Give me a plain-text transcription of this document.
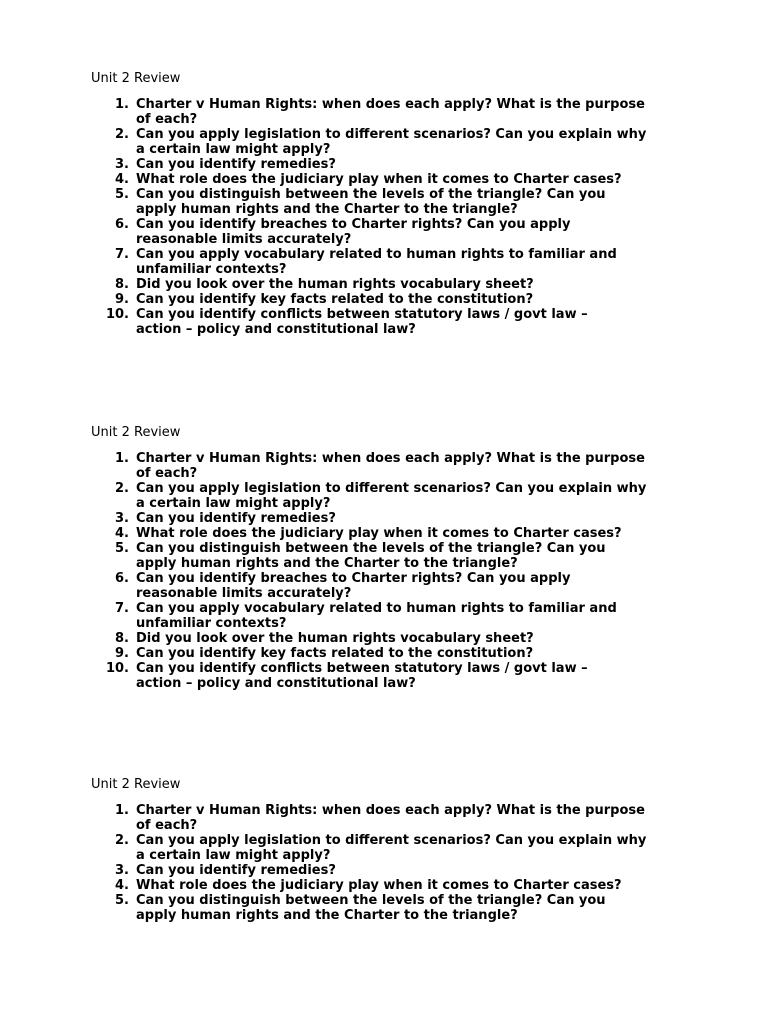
Unit 2 Review
1. Charter v Human Rights: when does each apply? What is the purpose
of each?
2. Can you apply legislation to different scenarios? Can you explain why
a certain law might apply?
3. Can you identify remedies?
4. What role does the judiciary play when it comes to Charter cases?
5. Can you distinguish between the levels of the triangle? Can you
apply human rights and the Charter to the triangle?
6. Can you identify breaches to Charter rights? Can you apply
reasonable limits accurately?
7. Can you apply vocabulary related to human rights to familiar and
unfamiliar contexts?
8. Did you look over the human rights vocabulary sheet?
9. Can you identify key facts related to the constitution?
10. Can you identify conflicts between statutory laws / govt law –
action – policy and constitutional law?
Unit 2 Review
1. Charter v Human Rights: when does each apply? What is the purpose
of each?
2. Can you apply legislation to different scenarios? Can you explain why
a certain law might apply?
3. Can you identify remedies?
4. What role does the judiciary play when it comes to Charter cases?
5. Can you distinguish between the levels of the triangle? Can you
apply human rights and the Charter to the triangle?
6. Can you identify breaches to Charter rights? Can you apply
reasonable limits accurately?
7. Can you apply vocabulary related to human rights to familiar and
unfamiliar contexts?
8. Did you look over the human rights vocabulary sheet?
9. Can you identify key facts related to the constitution?
10. Can you identify conflicts between statutory laws / govt law –
action – policy and constitutional law?
Unit 2 Review
1. Charter v Human Rights: when does each apply? What is the purpose
of each?
2. Can you apply legislation to different scenarios? Can you explain why
a certain law might apply?
3. Can you identify remedies?
4. What role does the judiciary play when it comes to Charter cases?
5. Can you distinguish between the levels of the triangle? Can you
apply human rights and the Charter to the triangle?
